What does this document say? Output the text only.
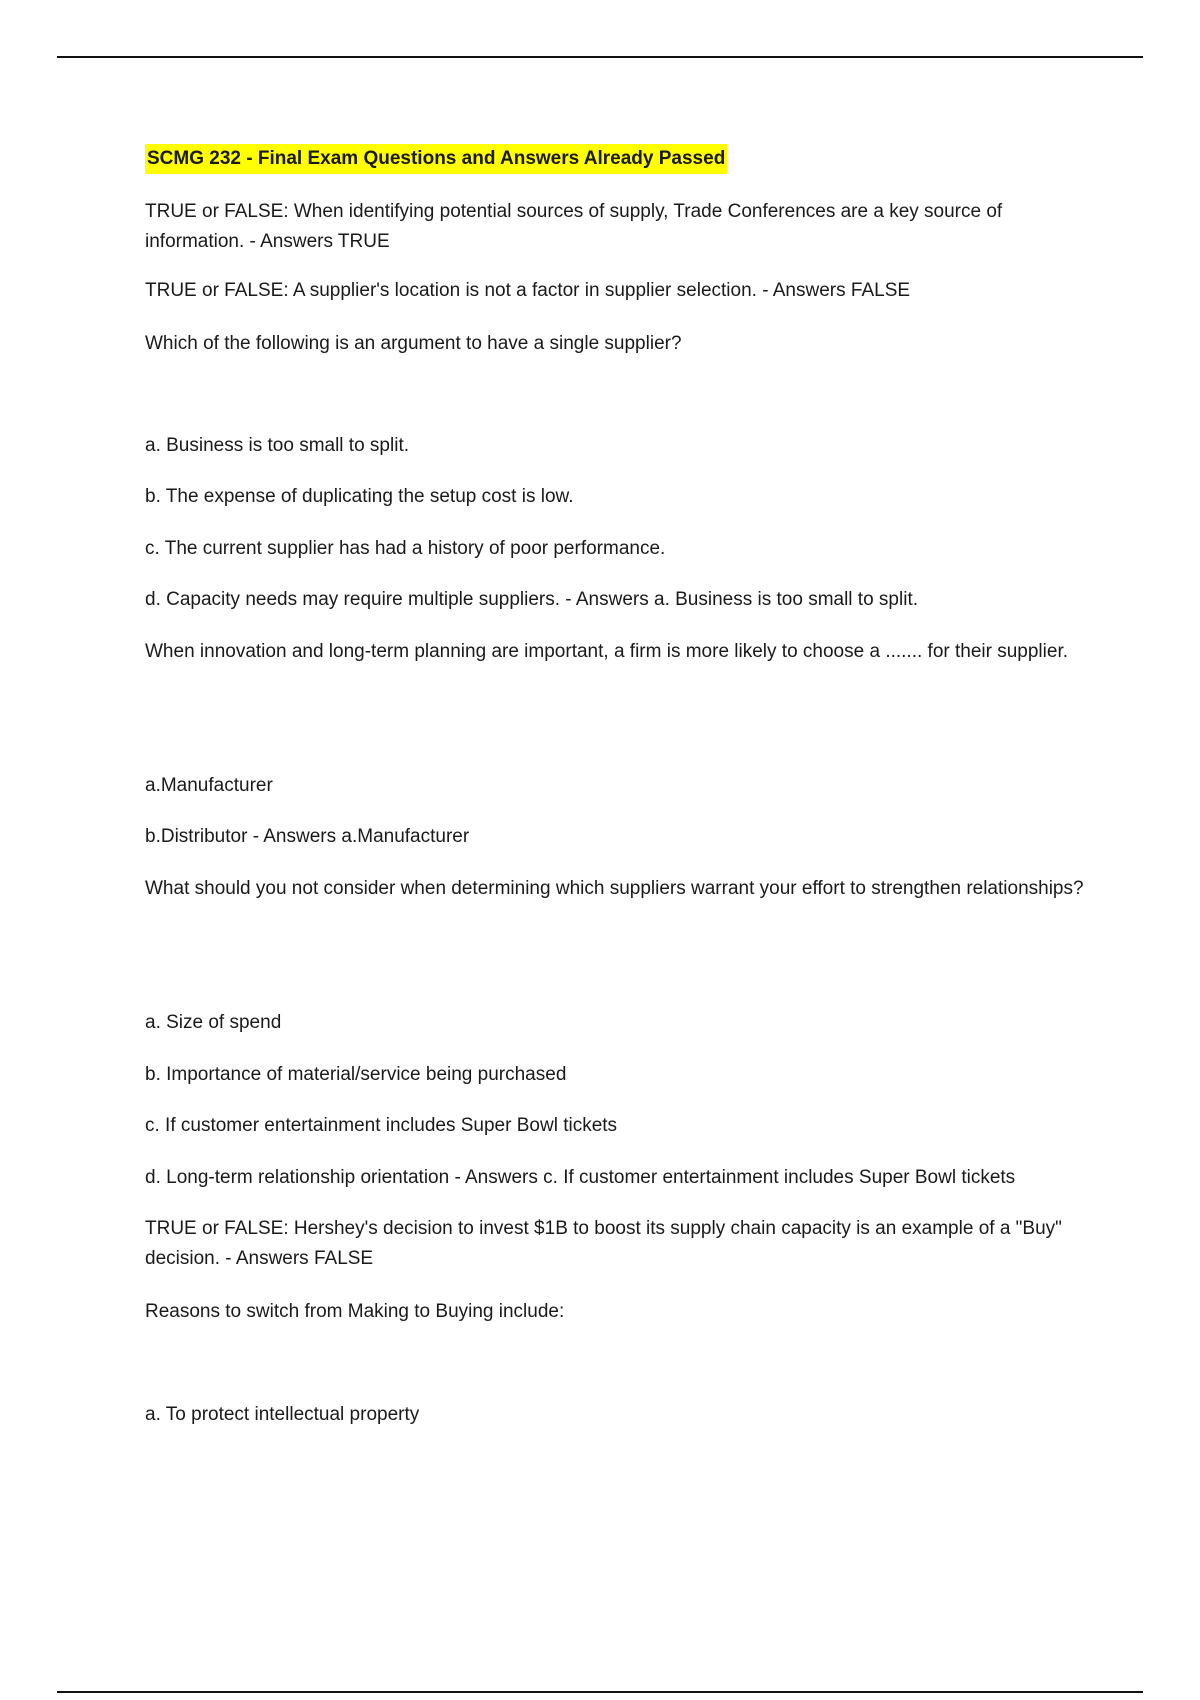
SCMG 232 - Final Exam Questions and Answers Already Passed
TRUE or FALSE: When identifying potential sources of supply, Trade Conferences are a key source of information. - Answers TRUE
TRUE or FALSE: A supplier's location is not a factor in supplier selection. - Answers FALSE
Which of the following is an argument to have a single supplier?
a. Business is too small to split.
b. The expense of duplicating the setup cost is low.
c. The current supplier has had a history of poor performance.
d. Capacity needs may require multiple suppliers. - Answers a. Business is too small to split.
When innovation and long-term planning are important, a firm is more likely to choose a ....... for their supplier.
a.Manufacturer
b.Distributor - Answers a.Manufacturer
What should you not consider when determining which suppliers warrant your effort to strengthen relationships?
a. Size of spend
b. Importance of material/service being purchased
c. If customer entertainment includes Super Bowl tickets
d. Long-term relationship orientation - Answers c. If customer entertainment includes Super Bowl tickets
TRUE or FALSE: Hershey's decision to invest $1B to boost its supply chain capacity is an example of a "Buy" decision. - Answers FALSE
Reasons to switch from Making to Buying include:
a. To protect intellectual property
